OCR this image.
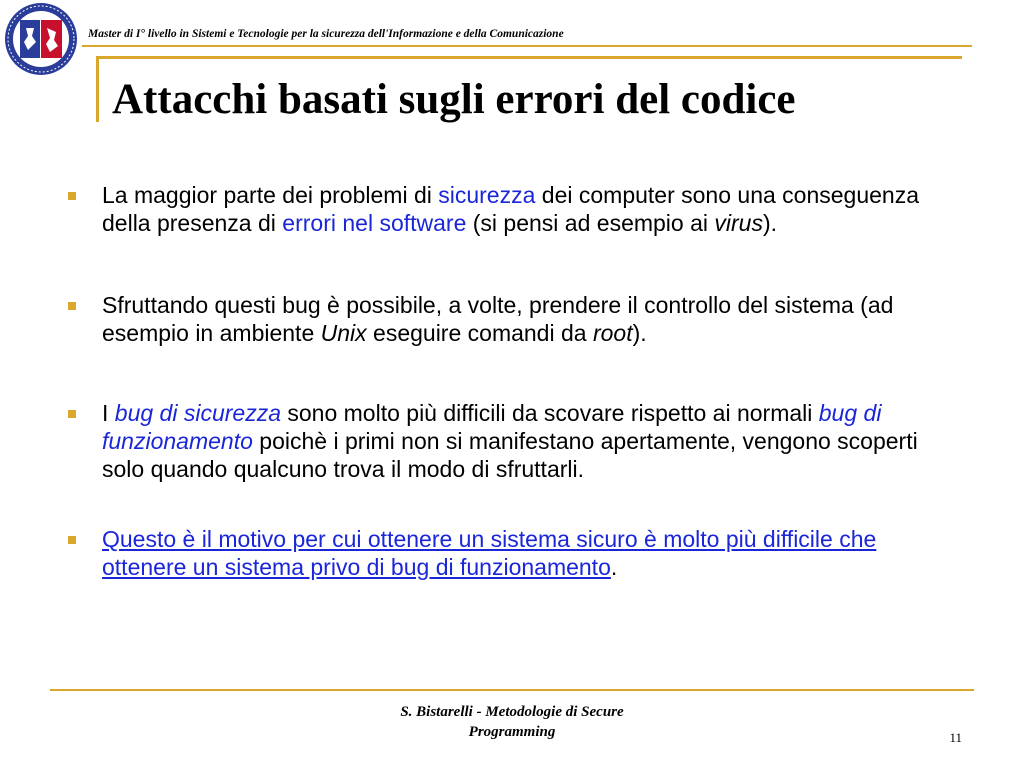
Master di I° livello in Sistemi e Tecnologie per la sicurezza dell'Informazione e della Comunicazione
Attacchi basati sugli errori del codice
La maggior parte dei problemi di sicurezza dei computer sono una conseguenza della presenza di errori nel software (si pensi ad esempio ai virus).
Sfruttando questi bug è possibile, a volte, prendere il controllo del sistema (ad esempio in ambiente Unix eseguire comandi da root).
I bug di sicurezza sono molto più difficili da scovare rispetto ai normali bug di funzionamento poichè i primi non si manifestano apertamente, vengono scoperti solo quando qualcuno trova il modo di sfruttarli.
Questo è il motivo per cui ottenere un sistema sicuro è molto più difficile che ottenere un sistema privo di bug di funzionamento.
S. Bistarelli - Metodologie di Secure
Programming	11
